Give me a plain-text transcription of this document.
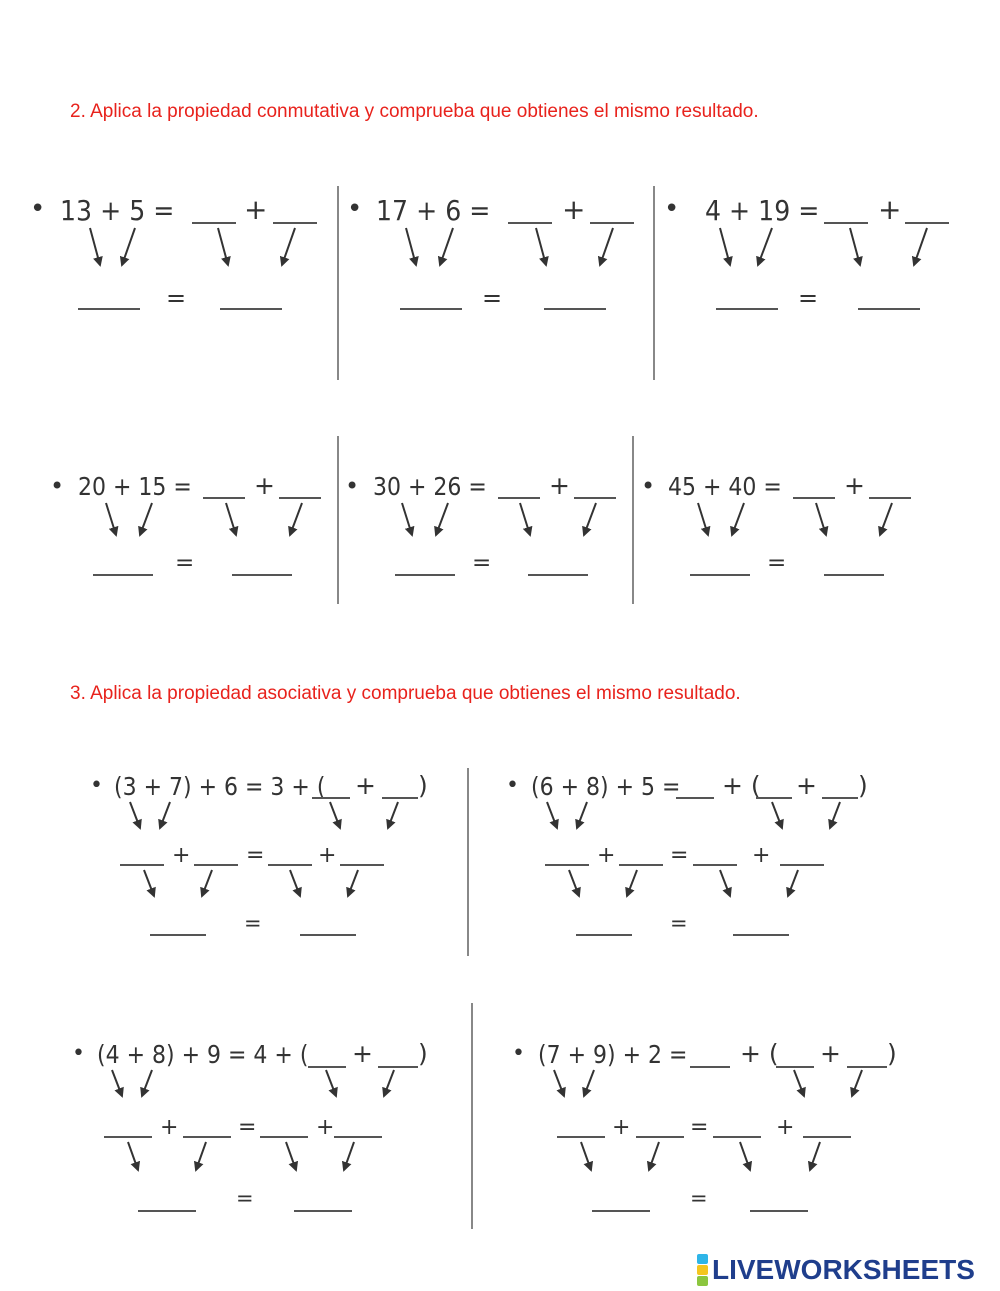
2. Aplica la propiedad conmutativa y comprueba que obtienes el mismo resultado.
• 13 + 5 = +
=
• 17 + 6 =	+
=
• 4 + 19 = +
=
• 20 + 15 = +
=
• 30 + 26 = +
=
• 45 + 40 = +
=
3. Aplica la propiedad asociativa y comprueba que obtienes el mismo resultado.
• (3 + 7) + 6 = 3 + ( + )
+	= +
=
• (6 + 8) + 5 = + ( + )
+ =	+
=
• (4 + 8) + 9 = 4 + ( + )
+	=	+
=
• (7 + 9) + 2 = + ( + )
+	=	+
=
LIVEWORKSHEETS
